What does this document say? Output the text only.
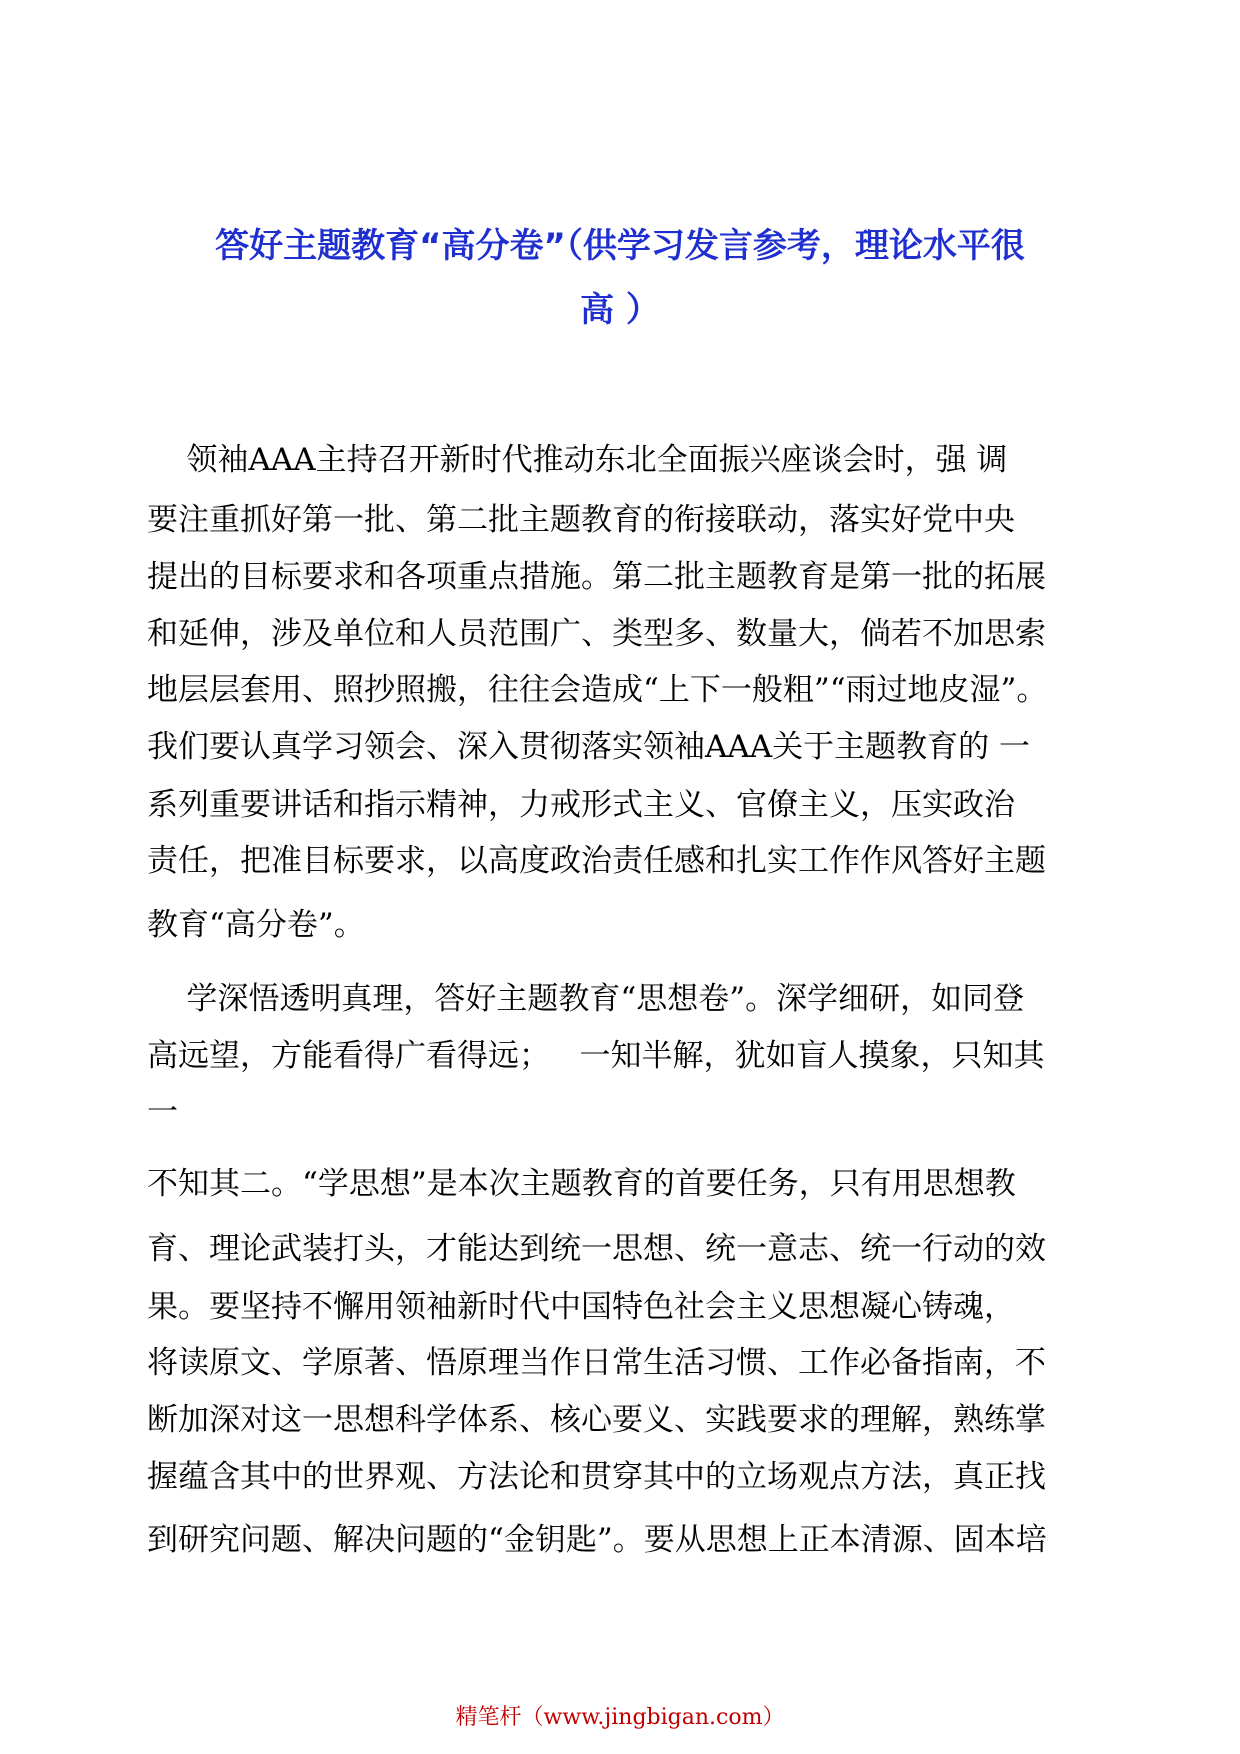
答好主题教育“高分卷”（供学习发言参考，理论水平很
高 ）

领袖AAA主持召开新时代推动东北全面振兴座谈会时，强 调

要注重抓好第一批、第二批主题教育的衔接联动，落实好党中央

提出的目标要求和各项重点措施。第二批主题教育是第一批的拓展

和延伸，涉及单位和人员范围广、类型多、数量大，倘若不加思索

地层层套用、照抄照搬，往往会造成“上下一般粗”“雨过地皮湿”。

我们要认真学习领会、深入贯彻落实领袖AAA关于主题教育的 一

系列重要讲话和指示精神，力戒形式主义、官僚主义，压实政治

责任，把准目标要求，以高度政治责任感和扎实工作作风答好主题

教育“高分卷”。

学深悟透明真理，答好主题教育“思想卷”。深学细研，如同登

高远望，方能看得广看得远；   一知半解，犹如盲人摸象，只知其

一

不知其二。“学思想”是本次主题教育的首要任务，只有用思想教

育、理论武装打头，才能达到统一思想、统一意志、统一行动的效

果。要坚持不懈用领袖新时代中国特色社会主义思想凝心铸魂，

将读原文、学原著、悟原理当作日常生活习惯、工作必备指南，不

断加深对这一思想科学体系、核心要义、实践要求的理解，熟练掌

握蕴含其中的世界观、方法论和贯穿其中的立场观点方法，真正找

到研究问题、解决问题的“金钥匙”。要从思想上正本清源、固本培

精笔杆（www.jingbigan.com）
